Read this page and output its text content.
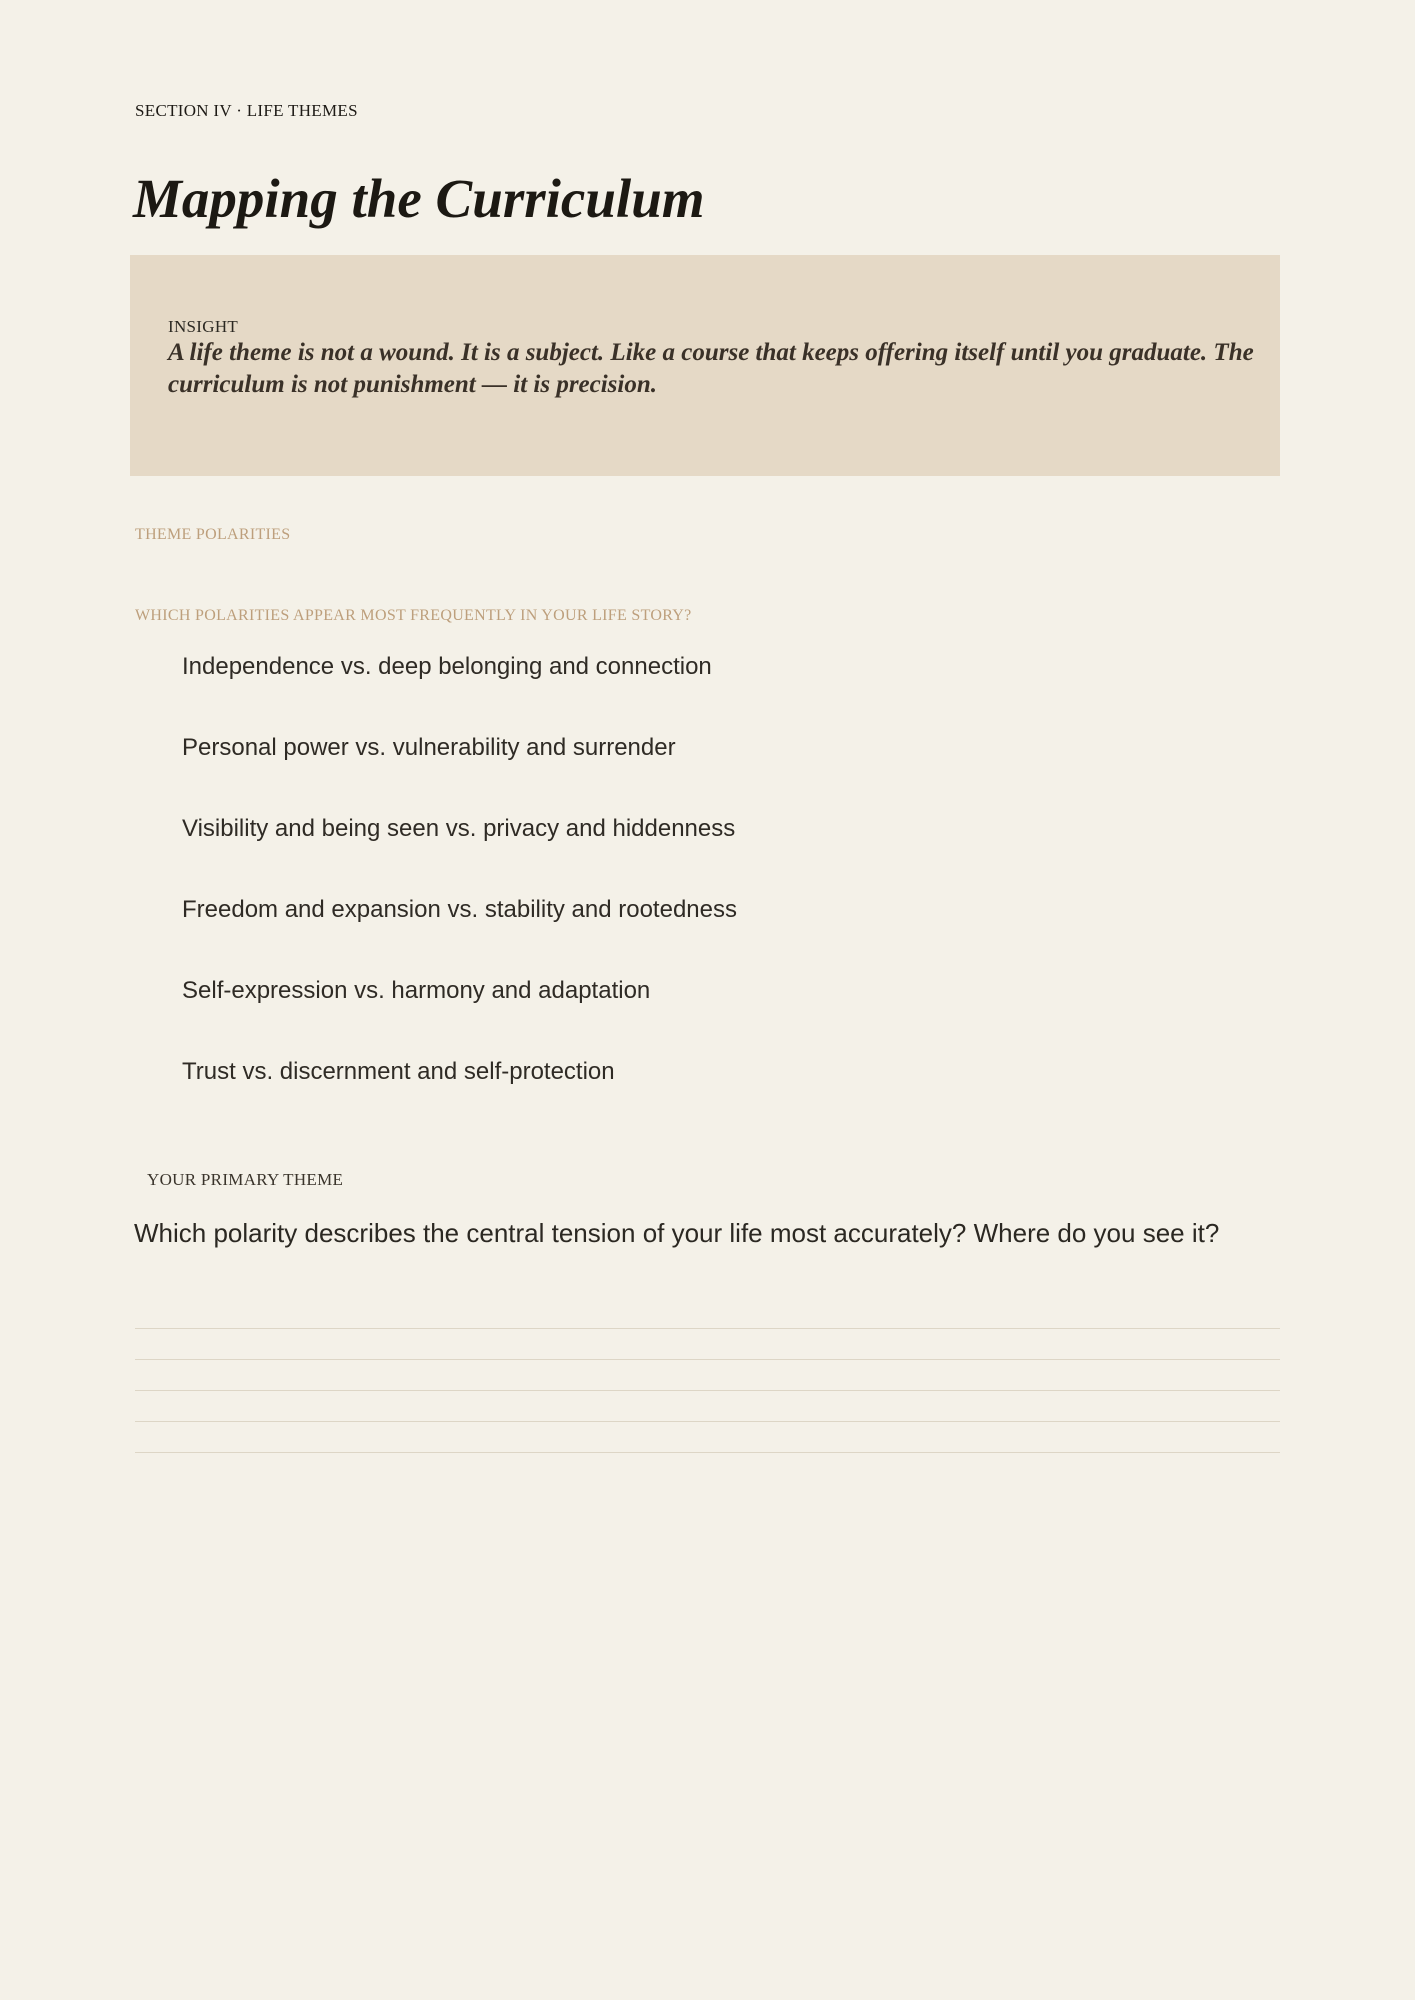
SECTION IV · LIFE THEMES
Mapping the Curriculum
INSIGHT

A life theme is not a wound. It is a subject. Like a course that keeps offering itself until you graduate. The curriculum is not punishment — it is precision.

THEME POLARITIES
WHICH POLARITIES APPEAR MOST FREQUENTLY IN YOUR LIFE STORY?
Independence vs. deep belonging and connection
Personal power vs. vulnerability and surrender
Visibility and being seen vs. privacy and hiddenness
Freedom and expansion vs. stability and rootedness
Self-expression vs. harmony and adaptation
Trust vs. discernment and self-protection
YOUR PRIMARY THEME

Which polarity describes the central tension of your life most accurately? Where do you see it?
